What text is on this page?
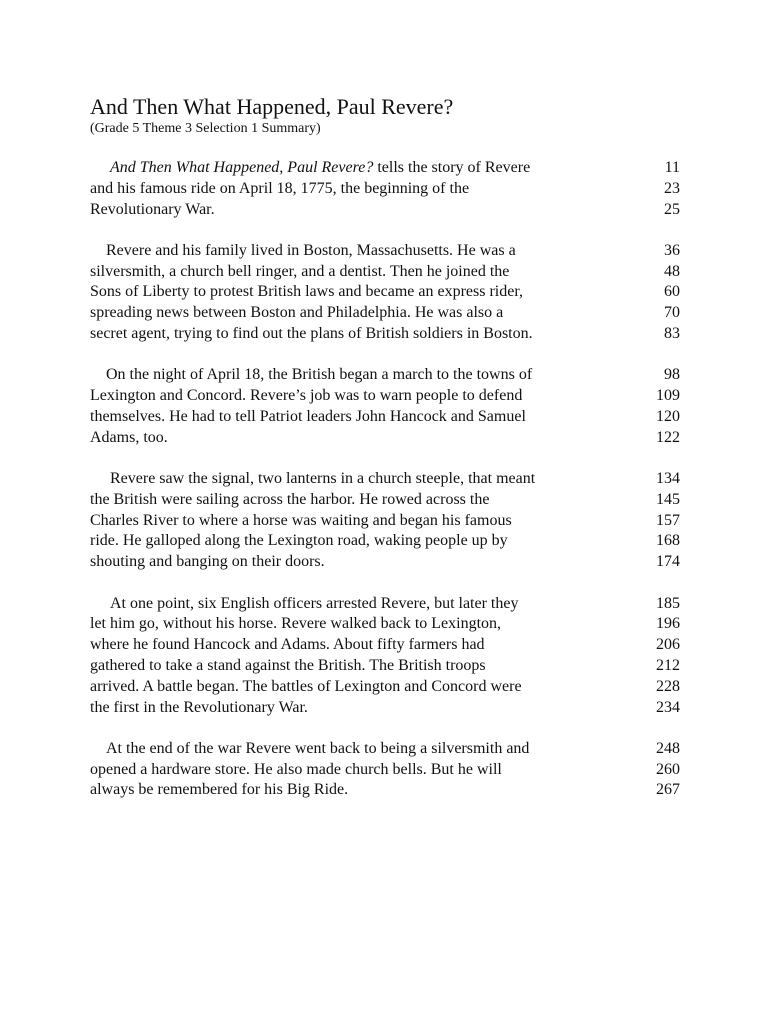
And Then What Happened, Paul Revere?
(Grade 5 Theme 3 Selection 1 Summary)
And Then What Happened, Paul Revere? tells the story of Revere	11
and his famous ride on April 18, 1775, the beginning of the	23
Revolutionary War.	25
Revere and his family lived in Boston, Massachusetts. He was a	36
silversmith, a church bell ringer, and a dentist. Then he joined the	48
Sons of Liberty to protest British laws and became an express rider,	60
spreading news between Boston and Philadelphia. He was also a	70
secret agent, trying to find out the plans of British soldiers in Boston.	83
On the night of April 18, the British began a march to the towns of	98
Lexington and Concord. Revere’s job was to warn people to defend	109
themselves. He had to tell Patriot leaders John Hancock and Samuel	120
Adams, too.	122
Revere saw the signal, two lanterns in a church steeple, that meant	134
the British were sailing across the harbor. He rowed across the	145
Charles River to where a horse was waiting and began his famous	157
ride. He galloped along the Lexington road, waking people up by	168
shouting and banging on their doors.	174
At one point, six English officers arrested Revere, but later they	185
let him go, without his horse. Revere walked back to Lexington,	196
where he found Hancock and Adams. About fifty farmers had	206
gathered to take a stand against the British. The British troops	212
arrived. A battle began. The battles of Lexington and Concord were	228
the first in the Revolutionary War.	234
At the end of the war Revere went back to being a silversmith and	248
opened a hardware store. He also made church bells. But he will	260
always be remembered for his Big Ride.	267
